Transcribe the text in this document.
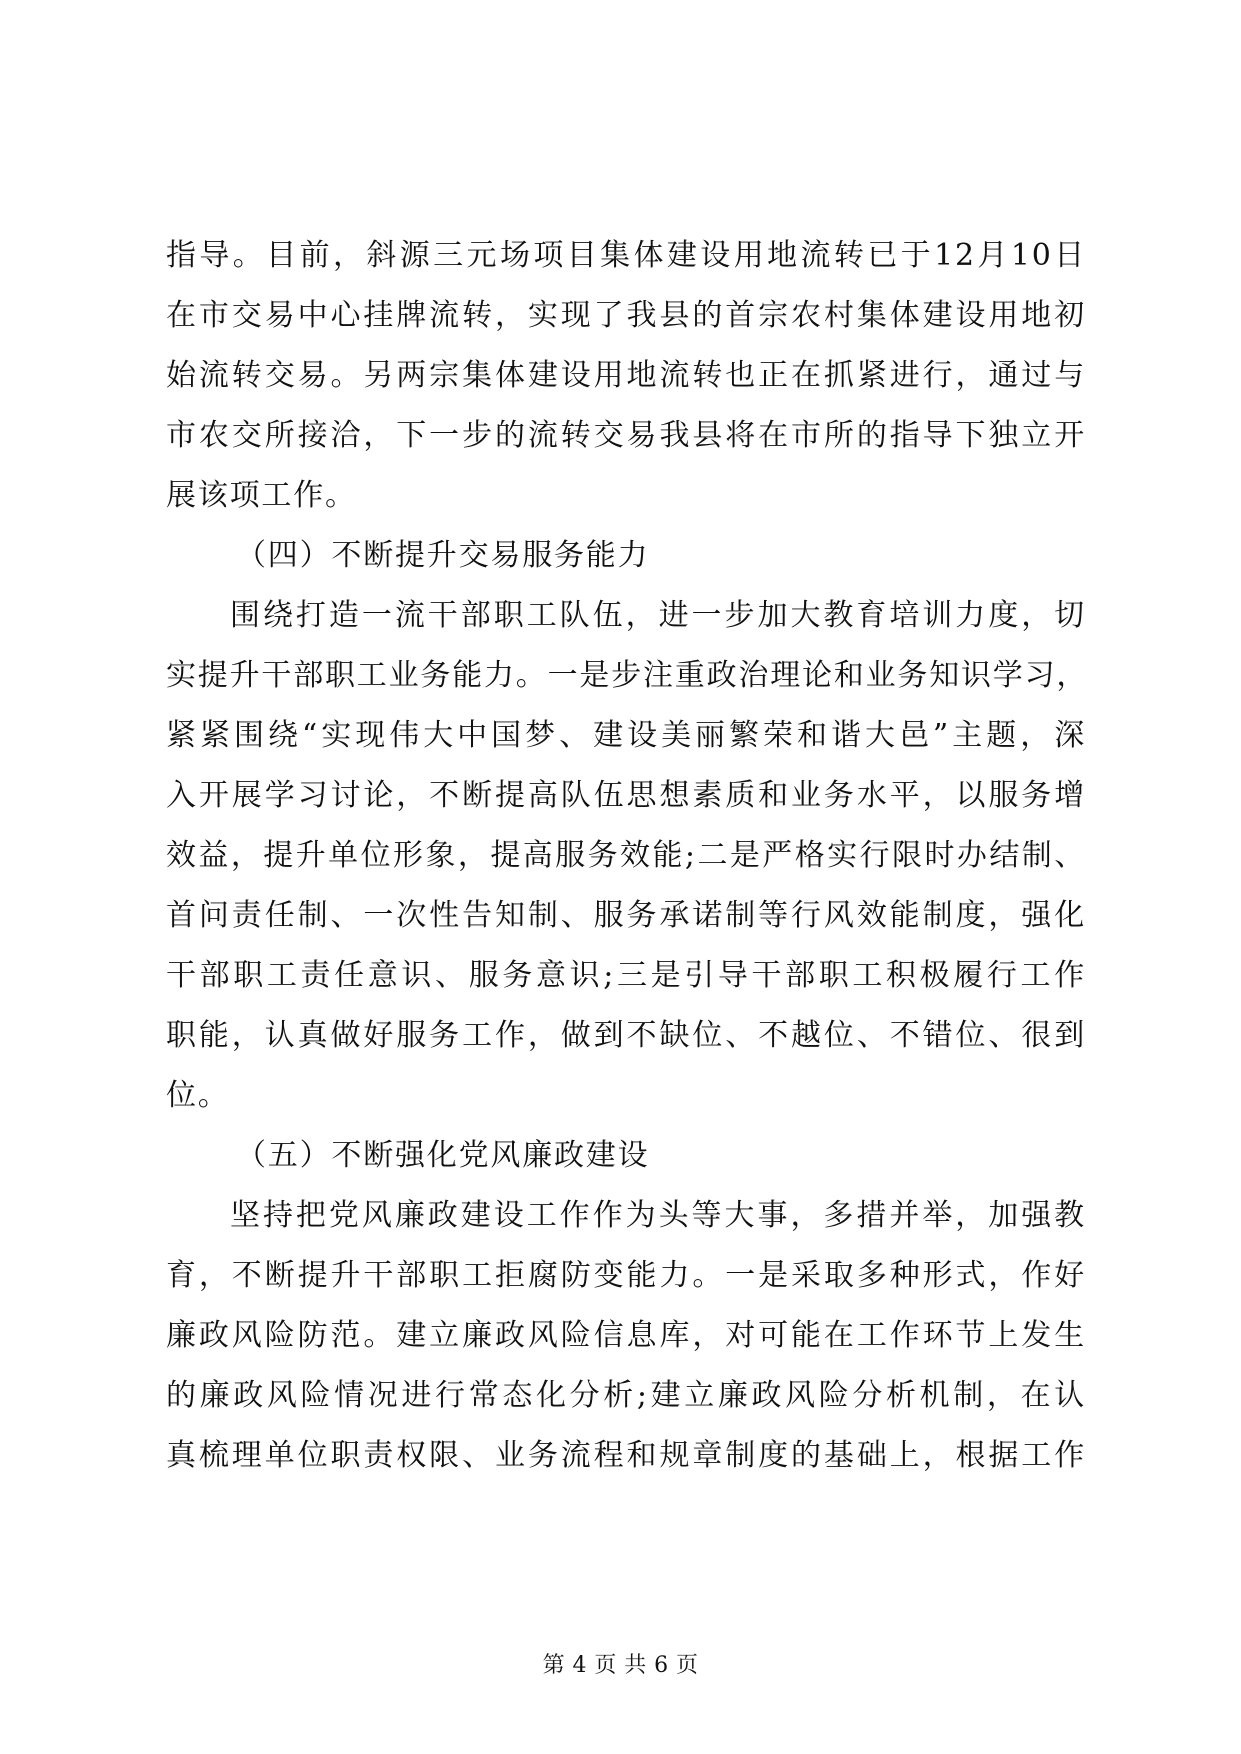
指导。目前，斜源三元场项目集体建设用地流转已于12月10日
在市交易中心挂牌流转，实现了我县的首宗农村集体建设用地初
始流转交易。另两宗集体建设用地流转也正在抓紧进行，通过与
市农交所接洽，下一步的流转交易我县将在市所的指导下独立开
展该项工作。
（四）不断提升交易服务能力
围绕打造一流干部职工队伍，进一步加大教育培训力度，切
实提升干部职工业务能力。一是步注重政治理论和业务知识学习，
紧紧围绕“实现伟大中国梦、建设美丽繁荣和谐大邑”主题，深
入开展学习讨论，不断提高队伍思想素质和业务水平，以服务增
效益，提升单位形象，提高服务效能;二是严格实行限时办结制、
首问责任制、一次性告知制、服务承诺制等行风效能制度，强化
干部职工责任意识、服务意识;三是引导干部职工积极履行工作
职能，认真做好服务工作，做到不缺位、不越位、不错位、很到
位。
（五）不断强化党风廉政建设
坚持把党风廉政建设工作作为头等大事，多措并举，加强教
育，不断提升干部职工拒腐防变能力。一是采取多种形式，作好
廉政风险防范。建立廉政风险信息库，对可能在工作环节上发生
的廉政风险情况进行常态化分析;建立廉政风险分析机制，在认
真梳理单位职责权限、业务流程和规章制度的基础上，根据工作
第 4 页 共 6 页
